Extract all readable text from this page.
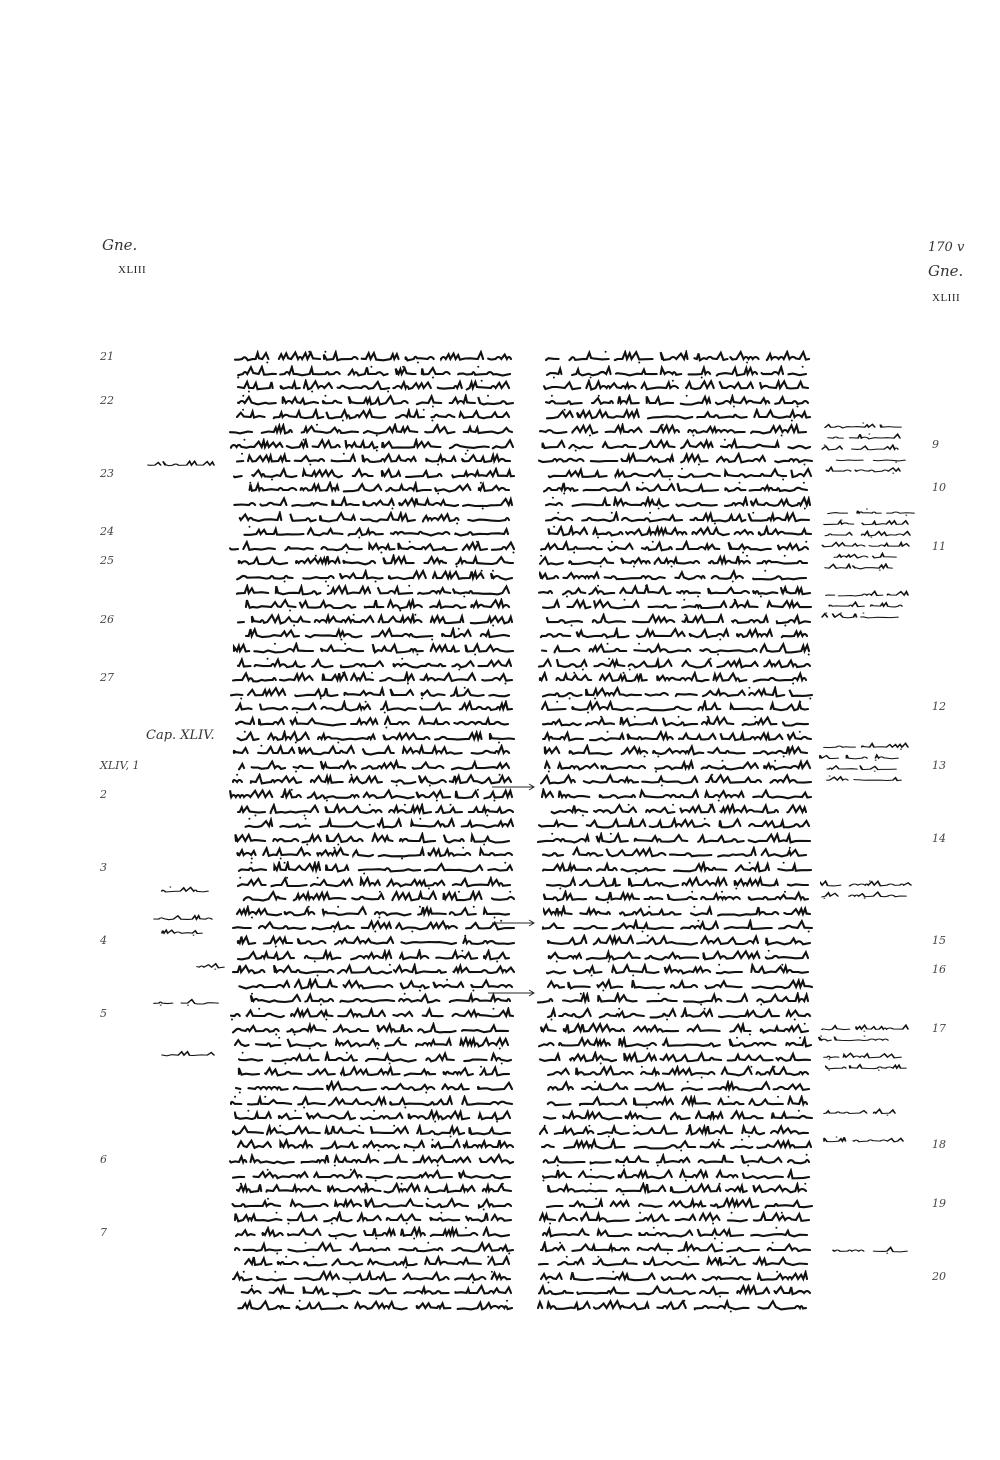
Gne.
XLIII
170 v
Gne.
XLIII
Cap. XLIV.
21
22
23
24
25
26
27
XLIV, 1
2
3
4
5
6
7
9
10
11
12
13
14
15
16
17
18
19
20
